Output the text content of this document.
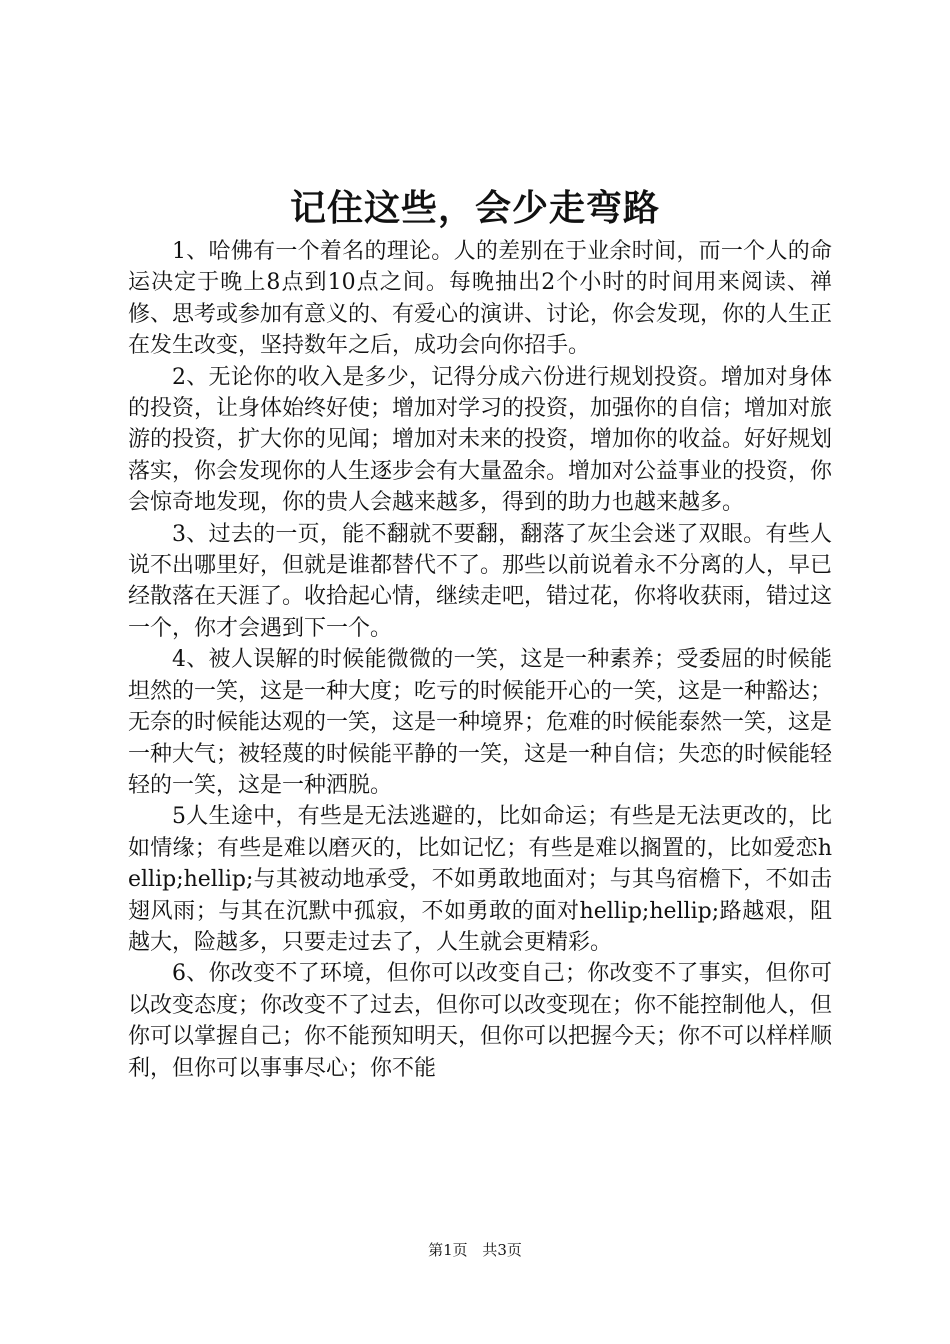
记住这些，会少走弯路

1、哈佛有一个着名的理论。人的差别在于业余时间，而一个人的命运决定于晚上8点到10点之间。每晚抽出2个小时的时间用来阅读、禅修、思考或参加有意义的、有爱心的演讲、讨论，你会发现，你的人生正在发生改变，坚持数年之后，成功会向你招手。

2、无论你的收入是多少，记得分成六份进行规划投资。增加对身体的投资，让身体始终好使；增加对学习的投资，加强你的自信；增加对旅游的投资，扩大你的见闻；增加对未来的投资，增加你的收益。好好规划落实，你会发现你的人生逐步会有大量盈余。增加对公益事业的投资，你会惊奇地发现，你的贵人会越来越多，得到的助力也越来越多。

3、过去的一页，能不翻就不要翻，翻落了灰尘会迷了双眼。有些人说不出哪里好，但就是谁都替代不了。那些以前说着永不分离的人，早已经散落在天涯了。收拾起心情，继续走吧，错过花，你将收获雨，错过这一个，你才会遇到下一个。

4、被人误解的时候能微微的一笑，这是一种素养；受委屈的时候能坦然的一笑，这是一种大度；吃亏的时候能开心的一笑，这是一种豁达；无奈的时候能达观的一笑，这是一种境界；危难的时候能泰然一笑，这是一种大气；被轻蔑的时候能平静的一笑，这是一种自信；失恋的时候能轻轻的一笑，这是一种洒脱。

5人生途中，有些是无法逃避的，比如命运；有些是无法更改的，比如情缘；有些是难以磨灭的，比如记忆；有些是难以搁置的，比如爱恋hellip;hellip;与其被动地承受，不如勇敢地面对；与其鸟宿檐下，不如击翅风雨；与其在沉默中孤寂，不如勇敢的面对hellip;hellip;路越艰，阻越大，险越多，只要走过去了，人生就会更精彩。

6、你改变不了环境，但你可以改变自己；你改变不了事实，但你可以改变态度；你改变不了过去，但你可以改变现在；你不能控制他人，但你可以掌握自己；你不能预知明天，但你可以把握今天；你不可以样样顺利，但你可以事事尽心；你不能

第1页 共3页
